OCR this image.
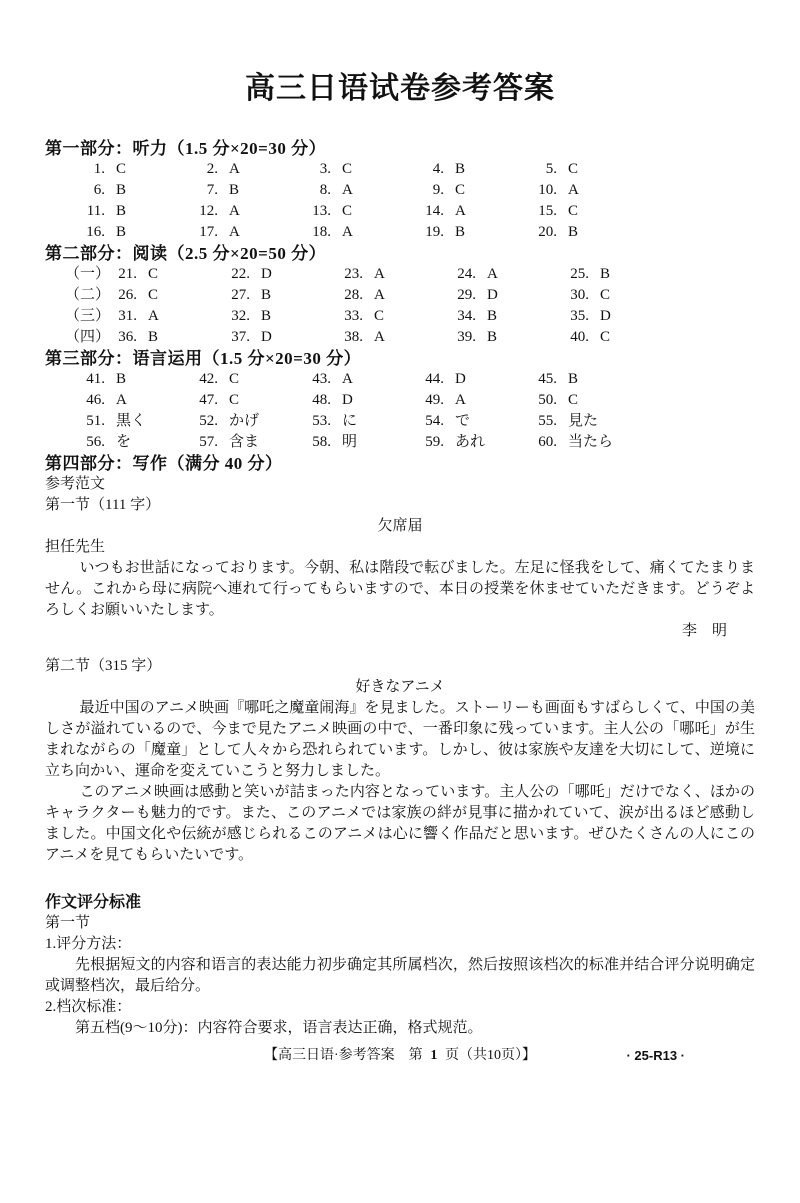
高三日语试卷参考答案
第一部分：听力（1.5 分×20=30 分）
1. C	2. A	3. C	4. B	5. C
6. B	7. B	8. A	9. C	10. A
11. B	12. A	13. C	14. A	15. C
16. B	17. A	18. A	19. B	20. B
第二部分：阅读（2.5 分×20=50 分）
（一） 21. C	22. D	23. A	24. A	25. B
（二） 26. C	27. B	28. A	29. D	30. C
（三） 31. A	32. B	33. C	34. B	35. D
（四） 36. B	37. D	38. A	39. B	40. C
第三部分：语言运用（1.5 分×20=30 分）
41. B	42. C	43. A	44. D	45. B
46. A	47. C	48. D	49. A	50. C
51. 黒く	52. かげ	53. に	54. で	55. 見た
56. を	57. 含ま	58. 明	59. あれ	60. 当たら
第四部分：写作（满分 40 分）
参考范文
第一节（111 字）
欠席届
担任先生

いつもお世話になっております。今朝、私は階段で転びました。左足に怪我をして、痛くてたまりません。これから母に病院へ連れて行ってもらいますので、本日の授業を休ませていただきます。どうぞよろしくお願いいたします。

李　明
第二节（315 字）
好きなアニメ

最近中国のアニメ映画『哪吒之魔童闹海』を見ました。ストーリーも画面もすばらしくて、中国の美しさが溢れているので、今まで見たアニメ映画の中で、一番印象に残っています。主人公の「哪吒」が生まれながらの「魔童」として人々から恐れられています。しかし、彼は家族や友達を大切にして、逆境に立ち向かい、運命を変えていこうと努力しました。

このアニメ映画は感動と笑いが詰まった内容となっています。主人公の「哪吒」だけでなく、ほかのキャラクターも魅力的です。また、このアニメでは家族の絆が見事に描かれていて、涙が出るほど感動しました。中国文化や伝統が感じられるこのアニメは心に響く作品だと思います。ぜひたくさんの人にこのアニメを見てもらいたいです。

作文评分标准
第一节
1.评分方法：

先根据短文的内容和语言的表达能力初步确定其所属档次，然后按照该档次的标准并结合评分说明确定或调整档次，最后给分。

2.档次标准：

第五档(9～10分)：内容符合要求，语言表达正确，格式规范。

【高三日语·参考答案　第 1 页（共10页）】	· 25-R13 ·
